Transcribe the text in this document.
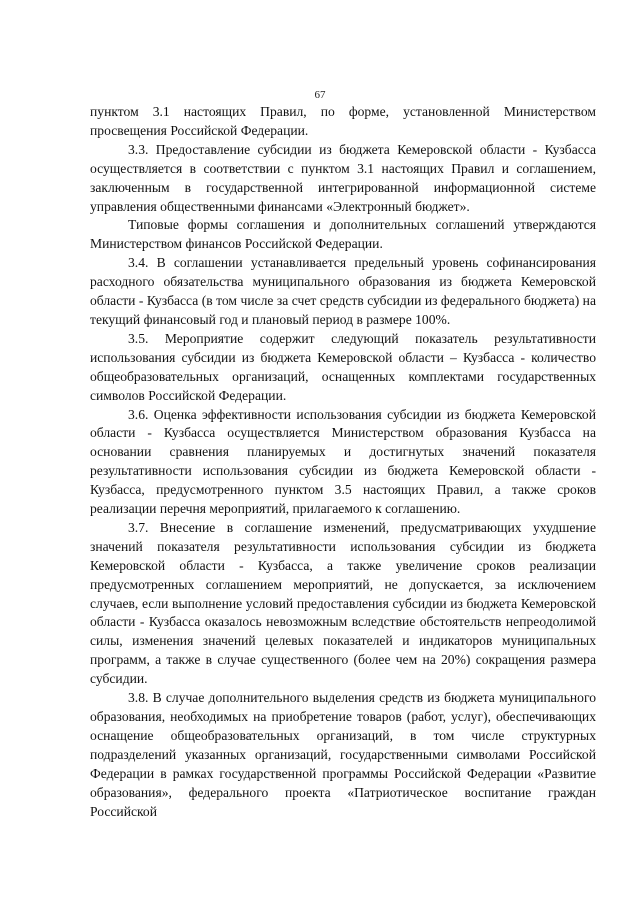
67

пунктом 3.1 настоящих Правил, по форме, установленной Министерством просвещения Российской Федерации.

3.3. Предоставление субсидии из бюджета Кемеровской области - Кузбасса осуществляется в соответствии с пунктом 3.1 настоящих Правил и соглашением, заключенным в государственной интегрированной информационной системе управления общественными финансами «Электронный бюджет».

Типовые формы соглашения и дополнительных соглашений утверждаются Министерством финансов Российской Федерации.

3.4. В соглашении устанавливается предельный уровень софинансирования расходного обязательства муниципального образования из бюджета Кемеровской области - Кузбасса (в том числе за счет средств субсидии из федерального бюджета) на текущий финансовый год и плановый период в размере 100%.

3.5. Мероприятие содержит следующий показатель результативности использования субсидии из бюджета Кемеровской области – Кузбасса - количество общеобразовательных организаций, оснащенных комплектами государственных символов Российской Федерации.

3.6. Оценка эффективности использования субсидии из бюджета Кемеровской области - Кузбасса осуществляется Министерством образования Кузбасса на основании сравнения планируемых и достигнутых значений показателя результативности использования субсидии из бюджета Кемеровской области - Кузбасса, предусмотренного пунктом 3.5 настоящих Правил, а также сроков реализации перечня мероприятий, прилагаемого к соглашению.

3.7. Внесение в соглашение изменений, предусматривающих ухудшение значений показателя результативности использования субсидии из бюджета Кемеровской области - Кузбасса, а также увеличение сроков реализации предусмотренных соглашением мероприятий, не допускается, за исключением случаев, если выполнение условий предоставления субсидии из бюджета Кемеровской области - Кузбасса оказалось невозможным вследствие обстоятельств непреодолимой силы, изменения значений целевых показателей и индикаторов муниципальных программ, а также в случае существенного (более чем на 20%) сокращения размера субсидии.

3.8. В случае дополнительного выделения средств из бюджета муниципального образования, необходимых на приобретение товаров (работ, услуг), обеспечивающих оснащение общеобразовательных организаций, в том числе структурных подразделений указанных организаций, государственными символами Российской Федерации в рамках государственной программы Российской Федерации «Развитие образования», федерального проекта «Патриотическое воспитание граждан Российской
